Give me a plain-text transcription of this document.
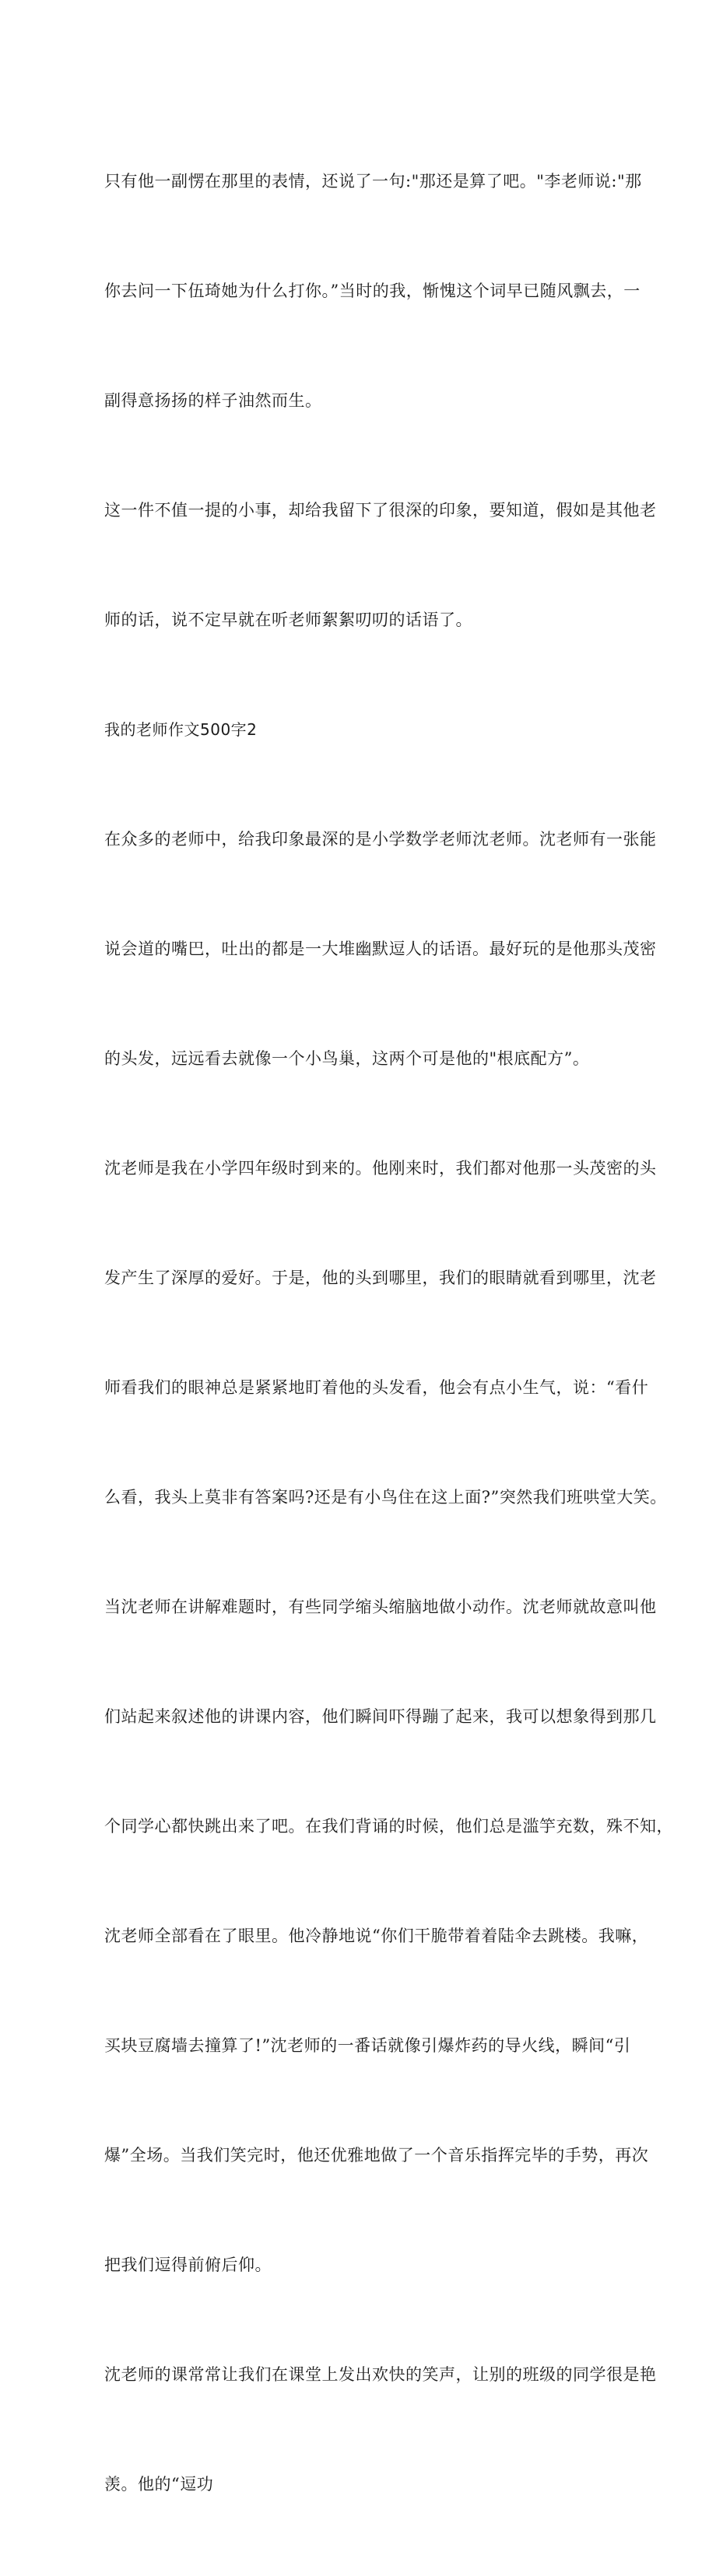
只有他一副愣在那里的表情，还说了一句:"那还是算了吧。"李老师说:"那

你去问一下伍琦她为什么打你。”当时的我，惭愧这个词早已随风飘去，一

副得意扬扬的样子油然而生。

这一件不值一提的小事，却给我留下了很深的印象，要知道，假如是其他老

师的话，说不定早就在听老师絮絮叨叨的话语了。

我的老师作文500字2

在众多的老师中，给我印象最深的是小学数学老师沈老师。沈老师有一张能

说会道的嘴巴，吐出的都是一大堆幽默逗人的话语。最好玩的是他那头茂密

的头发，远远看去就像一个小鸟巢，这两个可是他的"根底配方”。

沈老师是我在小学四年级时到来的。他刚来时，我们都对他那一头茂密的头

发产生了深厚的爱好。于是，他的头到哪里，我们的眼睛就看到哪里，沈老

师看我们的眼神总是紧紧地盯着他的头发看，他会有点小生气，说：“看什

么看，我头上莫非有答案吗?还是有小鸟住在这上面?”突然我们班哄堂大笑。

当沈老师在讲解难题时，有些同学缩头缩脑地做小动作。沈老师就故意叫他

们站起来叙述他的讲课内容，他们瞬间吓得蹦了起来，我可以想象得到那几

个同学心都快跳出来了吧。在我们背诵的时候，他们总是滥竽充数，殊不知，

沈老师全部看在了眼里。他冷静地说“你们干脆带着着陆伞去跳楼。我嘛，

买块豆腐墙去撞算了!”沈老师的一番话就像引爆炸药的导火线，瞬间“引

爆”全场。当我们笑完时，他还优雅地做了一个音乐指挥完毕的手势，再次

把我们逗得前俯后仰。

沈老师的课常常让我们在课堂上发出欢快的笑声，让别的班级的同学很是艳

羡。他的“逗功
